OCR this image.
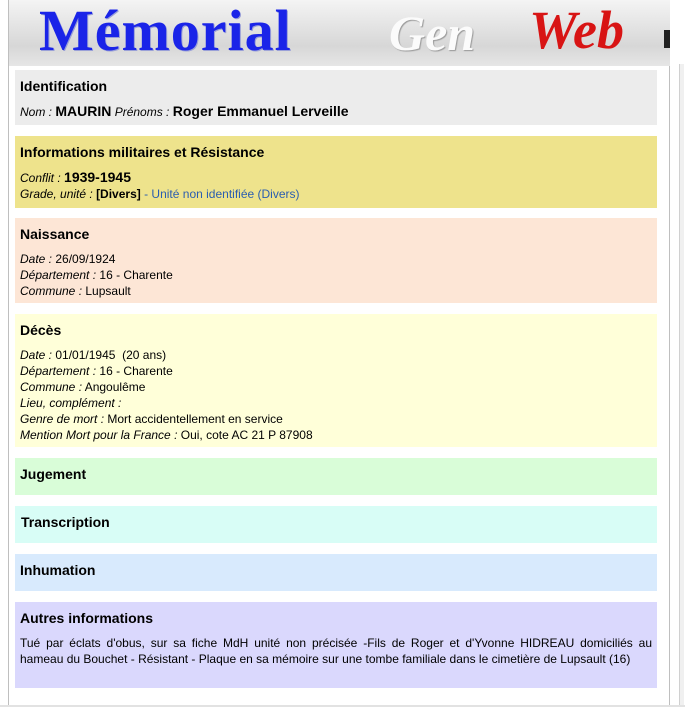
Mémorial Gen Web
Identification
Nom : MAURIN Prénoms : Roger Emmanuel Lerveille
Informations militaires et Résistance
Conflit : 1939-1945
Grade, unité : [Divers] - Unité non identifiée (Divers)
Naissance
Date : 26/09/1924
Département : 16 - Charente
Commune : Lupsault
Décès
Date : 01/01/1945  (20 ans)
Département : 16 - Charente
Commune : Angoulême
Lieu, complément :
Genre de mort : Mort accidentellement en service
Mention Mort pour la France : Oui, cote AC 21 P 87908
Jugement
Transcription
Inhumation
Autres informations
Tué par éclats d'obus, sur sa fiche MdH unité non précisée -Fils de Roger et d'Yvonne HIDREAU domiciliés au hameau du Bouchet - Résistant - Plaque en sa mémoire sur une tombe familiale dans le cimetière de Lupsault (16)
